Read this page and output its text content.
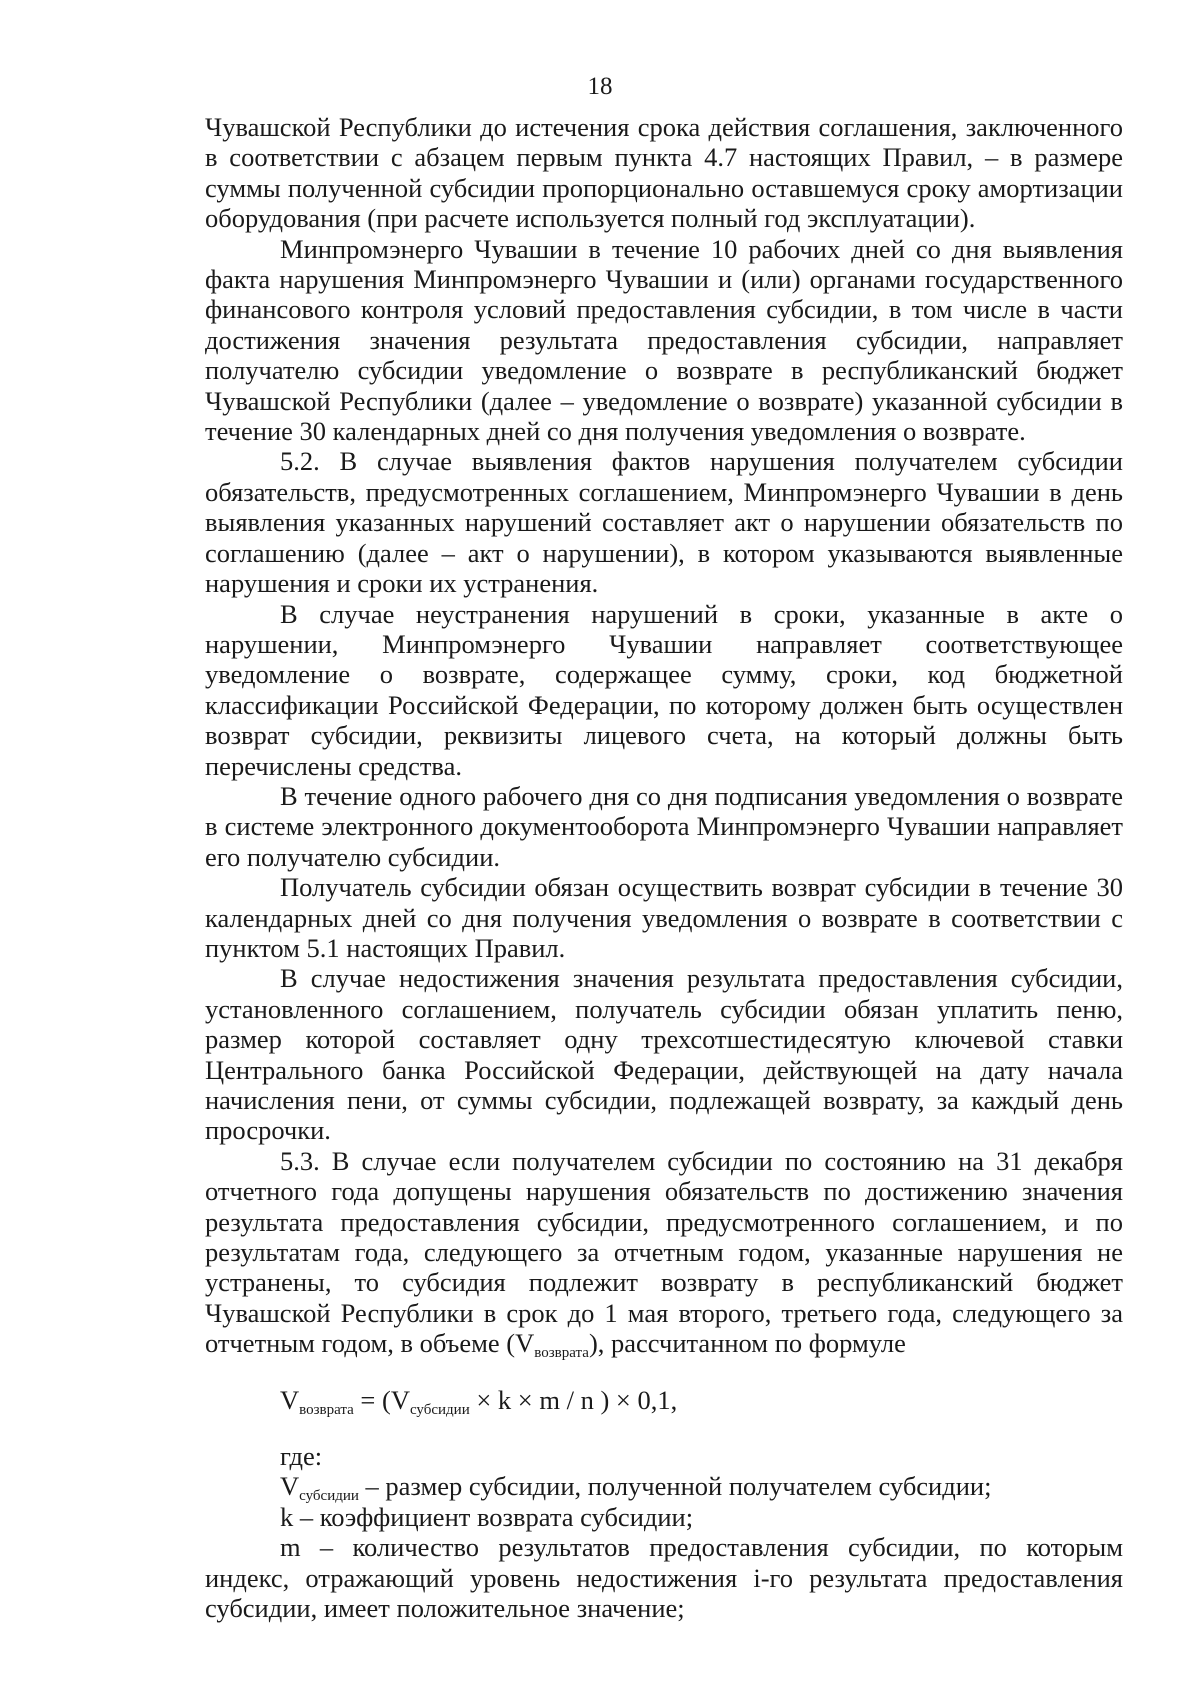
18

Чувашской Республики до истечения срока действия соглашения, заключенного в соответствии с абзацем первым пункта 4.7 настоящих Правил, – в размере суммы полученной субсидии пропорционально оставшемуся сроку амортизации оборудования (при расчете используется полный год эксплуатации).

Минпромэнерго Чувашии в течение 10 рабочих дней со дня выявления факта нарушения Минпромэнерго Чувашии и (или) органами государственного финансового контроля условий предоставления субсидии, в том числе в части достижения значения результата предоставления субсидии, направляет получателю субсидии уведомление о возврате в республиканский бюджет Чувашской Республики (далее – уведомление о возврате) указанной субсидии в течение 30 календарных дней со дня получения уведомления о возврате.

5.2. В случае выявления фактов нарушения получателем субсидии обязательств, предусмотренных соглашением, Минпромэнерго Чувашии в день выявления указанных нарушений составляет акт о нарушении обязательств по соглашению (далее – акт о нарушении), в котором указываются выявленные нарушения и сроки их устранения.

В случае неустранения нарушений в сроки, указанные в акте о нарушении, Минпромэнерго Чувашии направляет соответствующее уведомление о возврате, содержащее сумму, сроки, код бюджетной классификации Российской Федерации, по которому должен быть осуществлен возврат субсидии, реквизиты лицевого счета, на который должны быть перечислены средства.

В течение одного рабочего дня со дня подписания уведомления о возврате в системе электронного документооборота Минпромэнерго Чувашии направляет его получателю субсидии.

Получатель субсидии обязан осуществить возврат субсидии в течение 30 календарных дней со дня получения уведомления о возврате в соответствии с пунктом 5.1 настоящих Правил.

В случае недостижения значения результата предоставления субсидии, установленного соглашением, получатель субсидии обязан уплатить пеню, размер которой составляет одну трехсотшестидесятую ключевой ставки Центрального банка Российской Федерации, действующей на дату начала начисления пени, от суммы субсидии, подлежащей возврату, за каждый день просрочки.

5.3. В случае если получателем субсидии по состоянию на 31 декабря отчетного года допущены нарушения обязательств по достижению значения результата предоставления субсидии, предусмотренного соглашением, и по результатам года, следующего за отчетным годом, указанные нарушения не устранены, то субсидия подлежит возврату в республиканский бюджет Чувашской Республики в срок до 1 мая второго, третьего года, следующего за отчетным годом, в объеме $(V_{возврата})$, рассчитанном по формуле

$V_{возврата} = (V_{субсидии} \times k \times m / n$ ) × 0,1,

где:

$V_{субсидии}$ – размер субсидии, полученной получателем субсидии;

k – коэффициент возврата субсидии;

m – количество результатов предоставления субсидии, по которым индекс, отражающий уровень недостижения i-го результата предоставления субсидии, имеет положительное значение;
